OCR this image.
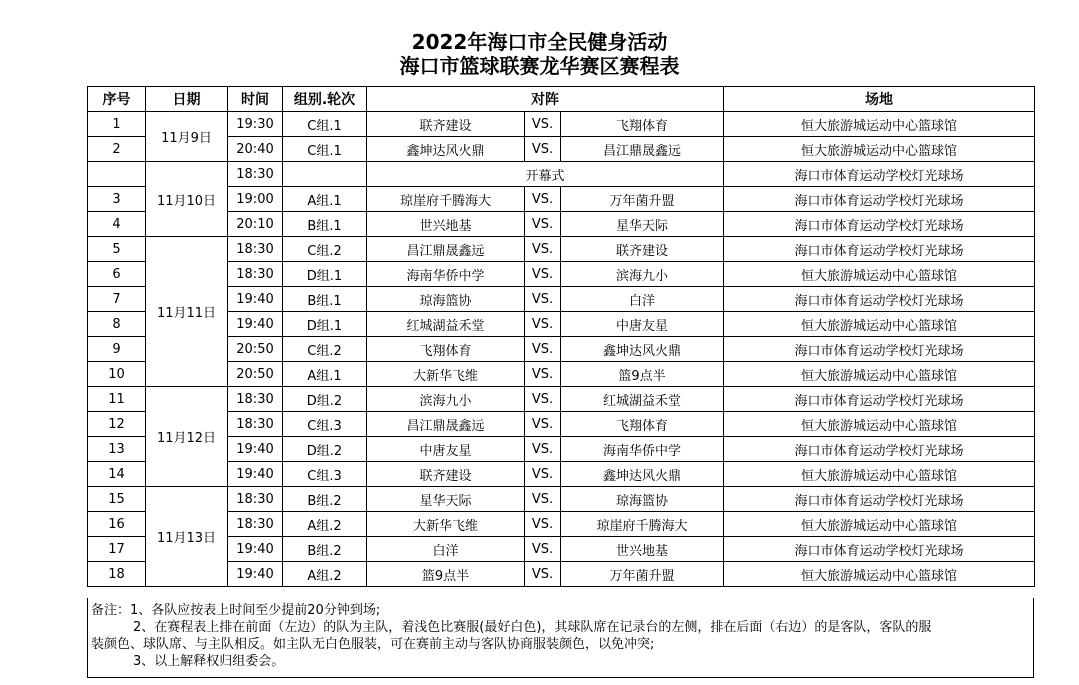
2022年海口市全民健身活动
海口市篮球联赛龙华赛区赛程表
序号	日期	时间	组别.轮次	对阵			场地
1	11月9日	19:30	C组.1	联齐建设	VS.	飞翔体育	恒大旅游城运动中心篮球馆
2		20:40	C组.1	鑫坤达风火鼎	VS.	昌江鼎晟鑫远	恒大旅游城运动中心篮球馆
	11月10日	18:30		开幕式			海口市体育运动学校灯光球场
3		19:00	A组.1	琼崖府千腾海大	VS.	万年菌升盟	海口市体育运动学校灯光球场
4		20:10	B组.1	世兴地基	VS.	星华天际	海口市体育运动学校灯光球场
5	11月11日	18:30	C组.2	昌江鼎晟鑫远	VS.	联齐建设	海口市体育运动学校灯光球场
6		18:30	D组.1	海南华侨中学	VS.	滨海九小	恒大旅游城运动中心篮球馆
7		19:40	B组.1	琼海篮协	VS.	白洋	海口市体育运动学校灯光球场
8		19:40	D组.1	红城湖益禾堂	VS.	中唐友星	恒大旅游城运动中心篮球馆
9		20:50	C组.2	飞翔体育	VS.	鑫坤达风火鼎	海口市体育运动学校灯光球场
10		20:50	A组.1	大新华飞维	VS.	篮9点半	恒大旅游城运动中心篮球馆
11	11月12日	18:30	D组.2	滨海九小	VS.	红城湖益禾堂	海口市体育运动学校灯光球场
12		18:30	C组.3	昌江鼎晟鑫远	VS.	飞翔体育	恒大旅游城运动中心篮球馆
13		19:40	D组.2	中唐友星	VS.	海南华侨中学	海口市体育运动学校灯光球场
14		19:40	C组.3	联齐建设	VS.	鑫坤达风火鼎	恒大旅游城运动中心篮球馆
15	11月13日	18:30	B组.2	星华天际	VS.	琼海篮协	海口市体育运动学校灯光球场
16		18:30	A组.2	大新华飞维	VS.	琼崖府千腾海大	恒大旅游城运动中心篮球馆
17		19:40	B组.2	白洋	VS.	世兴地基	海口市体育运动学校灯光球场
18		19:40	A组.2	篮9点半	VS.	万年菌升盟	恒大旅游城运动中心篮球馆
备注：1、各队应按表上时间至少提前20分钟到场;
2、在赛程表上排在前面（左边）的队为主队，着浅色比赛服(最好白色)，其球队席在记录台的左侧，排在后面（右边）的是客队，客队的服
装颜色、球队席、与主队相反。如主队无白色服装，可在赛前主动与客队协商服装颜色，以免冲突;
3、以上解释权归组委会。
